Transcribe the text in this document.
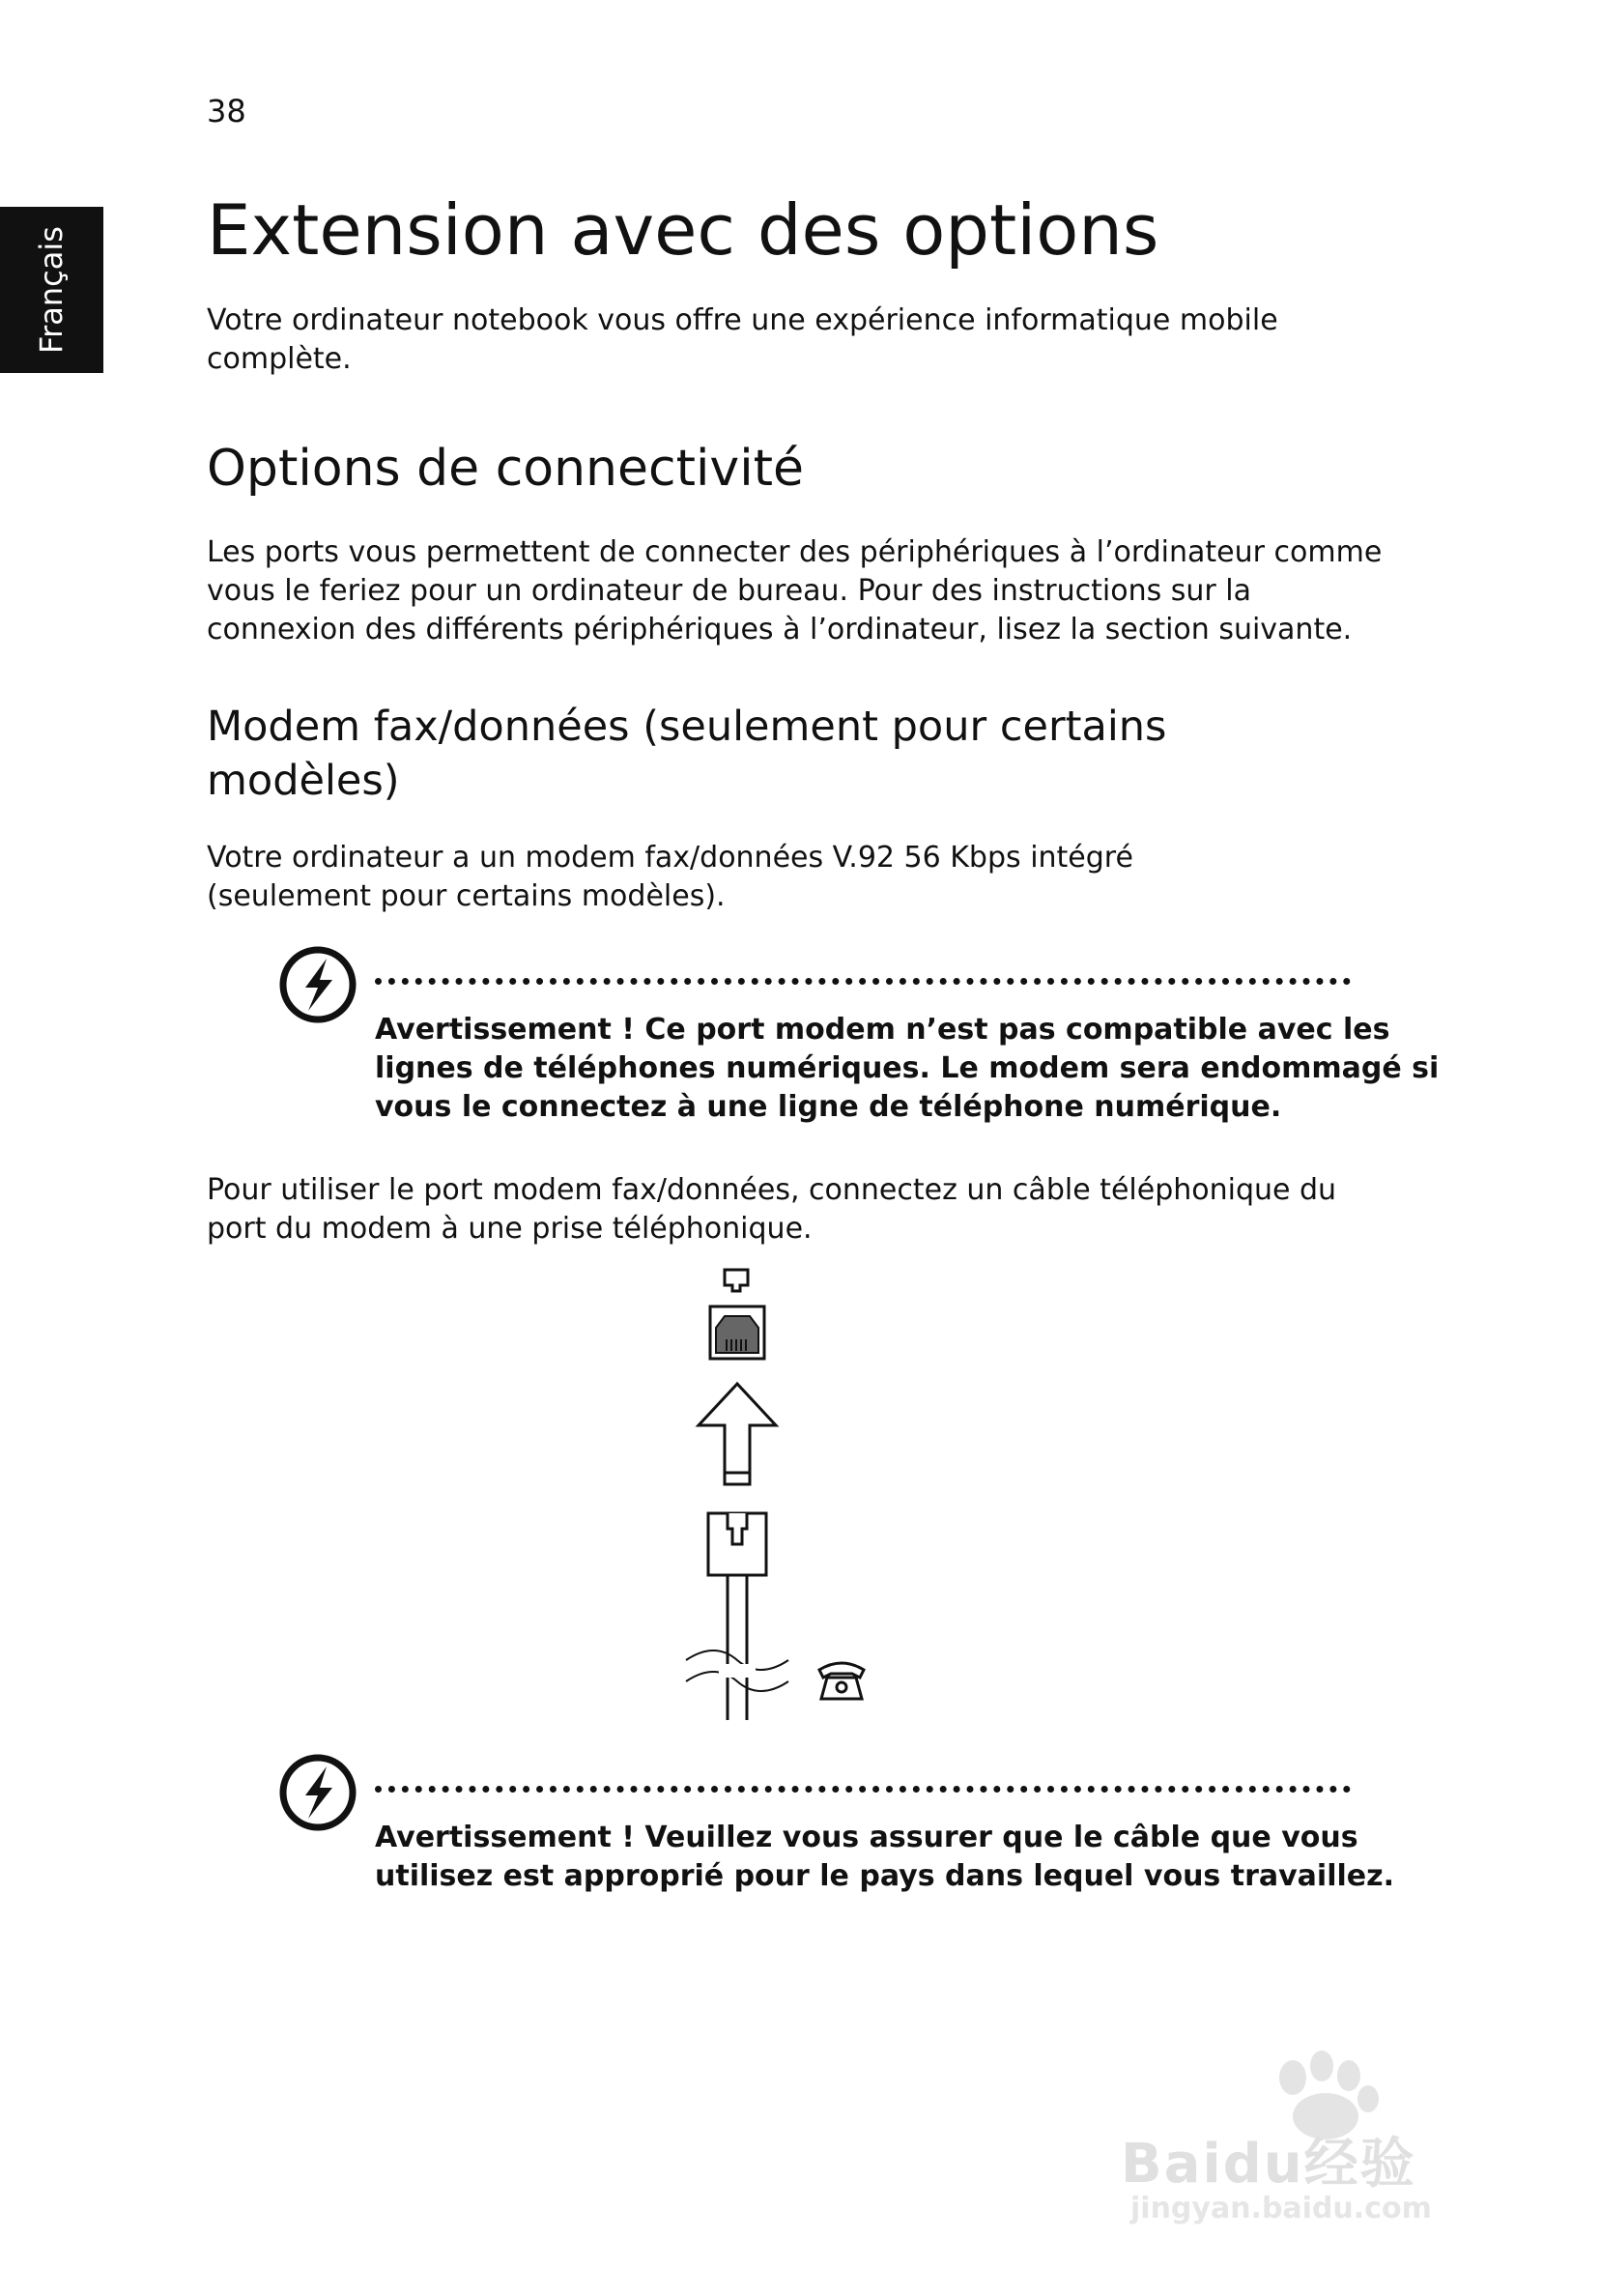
38
Français Extension avec des options

Votre ordinateur notebook vous offre une expérience informatique mobile
complète.

Options de connectivité

Les ports vous permettent de connecter des périphériques à l’ordinateur comme
vous le feriez pour un ordinateur de bureau. Pour des instructions sur la
connexion des différents périphériques à l’ordinateur, lisez la section suivante.

Modem fax/données (seulement pour certains
modèles)

Votre ordinateur a un modem fax/données V.92 56 Kbps intégré
(seulement pour certains modèles).

Avertissement ! Ce port modem n’est pas compatible avec les
lignes de téléphones numériques. Le modem sera endommagé si
vous le connectez à une ligne de téléphone numérique.

Pour utiliser le port modem fax/données, connectez un câble téléphonique du
port du modem à une prise téléphonique.

Avertissement ! Veuillez vous assurer que le câble que vous
utilisez est approprié pour le pays dans lequel vous travaillez.

Baidu经验
jingyan.baidu.com
